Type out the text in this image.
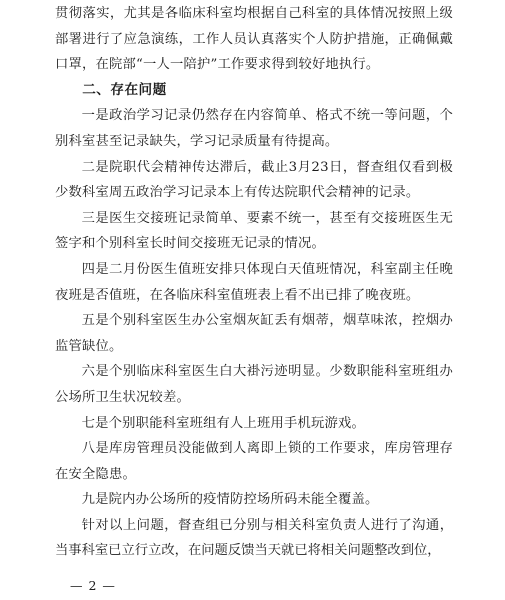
贯彻落实，尤其是各临床科室均根据自己科室的具体情况按照上级部署进行了应急演练，工作人员认真落实个人防护措施，正确佩戴口罩，在院部“一人一陪护”工作要求得到较好地执行。

二、存在问题

一是政治学习记录仍然存在内容简单、格式不统一等问题，个别科室甚至记录缺失，学习记录质量有待提高。

二是院职代会精神传达滞后，截止3月23日，督查组仅看到极少数科室周五政治学习记录本上有传达院职代会精神的记录。

三是医生交接班记录简单、要素不统一，甚至有交接班医生无签字和个别科室长时间交接班无记录的情况。

四是二月份医生值班安排只体现白天值班情况，科室副主任晚夜班是否值班，在各临床科室值班表上看不出已排了晚夜班。

五是个别科室医生办公室烟灰缸丢有烟蒂，烟草味浓，控烟办监管缺位。

六是个别临床科室医生白大褂污迹明显。少数职能科室班组办公场所卫生状况较差。

七是个别职能科室班组有人上班用手机玩游戏。

八是库房管理员没能做到人离即上锁的工作要求，库房管理存在安全隐患。

九是院内办公场所的疫情防控场所码未能全覆盖。

针对以上问题，督查组已分别与相关科室负责人进行了沟通，当事科室已立行立改，在问题反馈当天就已将相关问题整改到位，

— 2 —
